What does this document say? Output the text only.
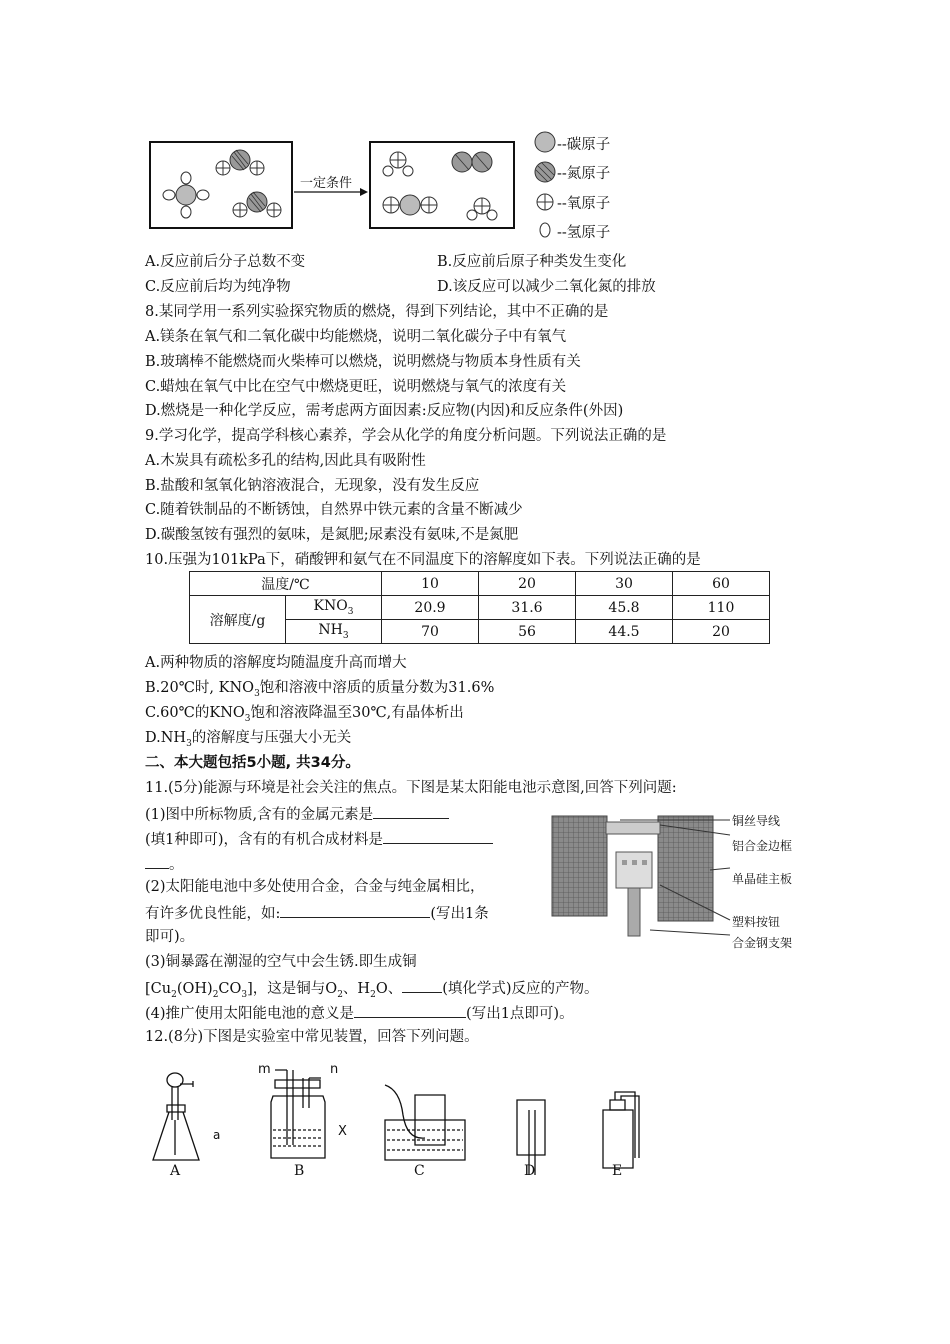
一定条件
--碳原子
--氮原子
--氧原子
--氢原子
A.反应前后分子总数不变	B.反应前后原子种类发生变化
C.反应前后均为纯净物	D.该反应可以减少二氧化氮的排放
8.某同学用一系列实验探究物质的燃烧，得到下列结论，其中不正确的是
A.镁条在氧气和二氧化碳中均能燃烧，说明二氧化碳分子中有氧气
B.玻璃棒不能燃烧而火柴棒可以燃烧，说明燃烧与物质本身性质有关
C.蜡烛在氧气中比在空气中燃烧更旺，说明燃烧与氧气的浓度有关
D.燃烧是一种化学反应，需考虑两方面因素:反应物(内因)和反应条件(外因)
9.学习化学，提高学科核心素养，学会从化学的角度分析问题。下列说法正确的是
A.木炭具有疏松多孔的结构,因此具有吸附性
B.盐酸和氢氧化钠溶液混合，无现象，没有发生反应
C.随着铁制品的不断锈蚀，自然界中铁元素的含量不断减少
D.碳酸氢铵有强烈的氨味，是氮肥;尿素没有氨味,不是氮肥
10.压强为101kPa下，硝酸钾和氨气在不同温度下的溶解度如下表。下列说法正确的是
温度/℃		10	20	30	60
溶解度/g	$KNO_3$	20.9	31.6	45.8	110
	$NH_3$	70	56	44.5	20
A.两种物质的溶解度均随温度升高而增大
B.20℃时, $KNO_3$饱和溶液中溶质的质量分数为31.6%
C.60℃的$KNO_3$饱和溶液降温至30℃,有晶体析出
$D.NH_3$的溶解度与压强大小无关
二、本大题包括5小题, 共34分。
11.(5分)能源与环境是社会关注的焦点。下图是某太阳能电池示意图,回答下列问题:
(1)图中所标物质,含有的金属元素是
(填1种即可)，含有的有机合成材料是
。
(2)太阳能电池中多处使用合金，合金与纯金属相比，
有许多优良性能，如:	(写出1条
即可)。
(3)铜暴露在潮湿的空气中会生锈.即生成铜
$[Cu_2(OH)_2CO_3]$，这是铜与$O_2$、$H_2O$、	(填化学式)反应的产物。
(4)推广使用太阳能电池的意义是	(写出1点即可)。
铜丝导线
铝合金边框
单晶硅主板
塑料按钮
合金钢支架
12.(8分)下图是实验室中常见装置，回答下列问题。
a
m	n
X
A	B	C	D	E
